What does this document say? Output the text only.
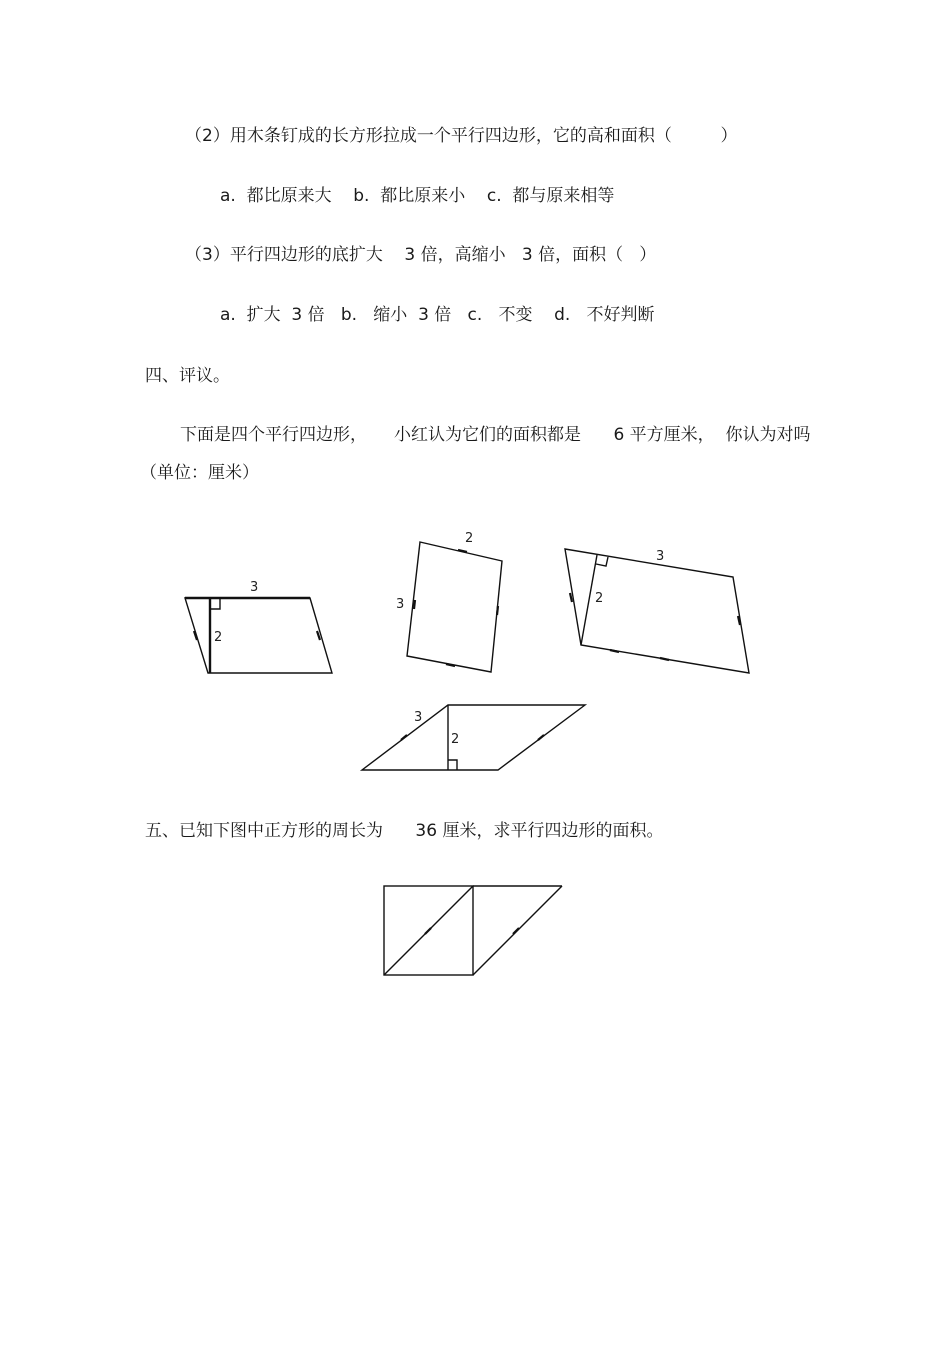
（2）用木条钉成的长方形拉成一个平行四边形，它的高和面积（         ）
a.  都比原来大    b.  都比原来小    c.  都与原来相等
（3）平行四边形的底扩大    3 倍，高缩小   3 倍，面积（   ）
a.  扩大  3 倍   b.   缩小  3 倍   c.   不变    d.   不好判断
四、评议。
下面是四个平行四边形，     小红认为它们的面积都是      6 平方厘米，  你认为对吗
（单位：厘米）
3
2
2
3
3
2
3
2
五、已知下图中正方形的周长为      36 厘米，求平行四边形的面积。
